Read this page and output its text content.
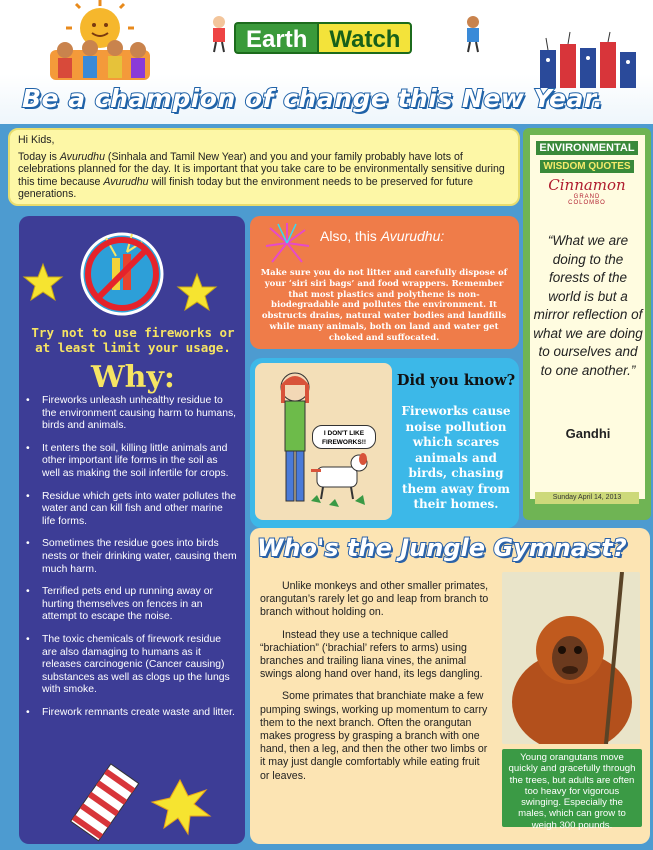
Earth Watch
Be a champion of change this New Year.

Hi Kids,

Today is Avurudhu (Sinhala and Tamil New Year) and you and your family probably have lots of celebrations planned for the day. It is important that you take care to be environmentally sensitive during this time because Avurudhu will finish today but the environment needs to be preserved for future generations.

ENVIRONMENTAL
WISDOM QUOTES
Cinnamon
GRAND
COLOMBO
“What we are doing to the forests of the world is but a mirror reflection of what we are doing to ourselves and to one another.”
Gandhi
Sunday April 14, 2013
Try not to use fireworks or at least limit your usage.
Why:
• Fireworks unleash unhealthy residue to the environment causing harm to humans, birds and animals.
• It enters the soil, killing little animals and other important life forms in the soil as well as making the soil infertile for crops.
• Residue which gets into water pollutes the water and can kill fish and other marine life forms.
• Sometimes the residue goes into birds nests or their drinking water, causing them much harm.
• Terrified pets end up running away or hurting themselves on fences in an attempt to escape the noise.
• The toxic chemicals of firework residue are also damaging to humans as it releases carcinogenic (Cancer causing) substances as well as clogs up the lungs with smoke.
• Firework remnants create waste and litter.
Also, this Avurudhu:
Make sure you do not litter and carefully dispose of your ‘siri siri bags’ and food wrappers. Remember that most plastics and polythene is non-biodegradable and pollutes the environment. It obstructs drains, natural water bodies and landfills while many animals, both on land and water get choked and suffocated.
I DON'T LIKE FIREWORKS!!
Did you know?
Fireworks cause noise pollution which scares animals and birds, chasing them away from their homes.
Who's the Jungle Gymnast?

Unlike monkeys and other smaller primates, orangutan’s rarely let go and leap from branch to branch without holding on.

Instead they use a technique called “brachiation” (‘brachial’ refers to arms) using branches and trailing liana vines, the animal swings along hand over hand, its legs dangling.

Some primates that branchiate make a few pumping swings, working up momentum to carry them to the next branch. Often the orangutan makes progress by grasping a branch with one hand, then a leg, and then the other two limbs or it may just dangle comfortably while eating fruit or leaves.

Young orangutans move quickly and gracefully through the trees, but adults are often too heavy for vigorous swinging. Especially the males, which can grow to weigh 300 pounds.
